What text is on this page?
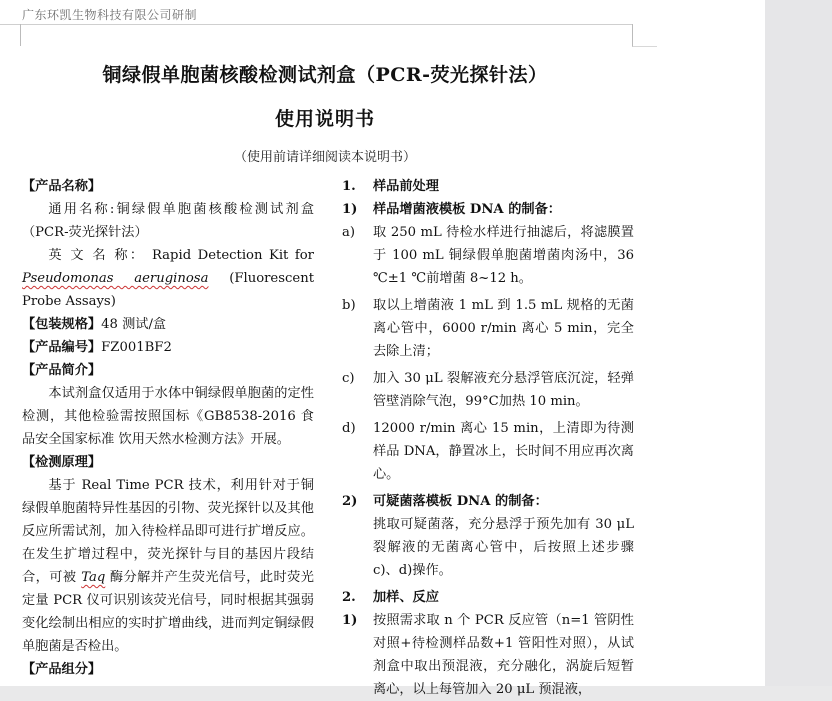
广东环凯生物科技有限公司研制
铜绿假单胞菌核酸检测试剂盒（PCR-荧光探针法）
使用说明书
（使用前请详细阅读本说明书）
【产品名称】
通用名称:铜绿假单胞菌核酸检测试剂盒（PCR-荧光探针法）
英 文 名 称： Rapid Detection Kit for Pseudomonas aeruginosa (Fluorescent Probe Assays)
【包装规格】48 测试/盒
【产品编号】FZ001BF2
【产品简介】
本试剂盒仅适用于水体中铜绿假单胞菌的定性检测，其他检验需按照国标《GB8538-2016 食品安全国家标准 饮用天然水检测方法》开展。
【检测原理】
基于 Real Time PCR 技术，利用针对于铜绿假单胞菌特异性基因的引物、荧光探针以及其他反应所需试剂，加入待检样品即可进行扩增反应。在发生扩增过程中，荧光探针与目的基因片段结合，可被 Taq 酶分解并产生荧光信号，此时荧光定量 PCR 仪可识别该荧光信号，同时根据其强弱变化绘制出相应的实时扩增曲线，进而判定铜绿假单胞菌是否检出。
【产品组分】
1.	样品前处理
1)	样品增菌液模板 DNA 的制备：
a)	取 250 mL 待检水样进行抽滤后，将滤膜置于 100 mL 铜绿假单胞菌增菌肉汤中，36 ℃±1 ℃前增菌 8~12 h。
b)	取以上增菌液 1 mL 到 1.5 mL 规格的无菌离心管中，6000 r/min 离心 5 min，完全去除上清；
c)	加入 30 μL 裂解液充分悬浮管底沉淀，轻弹管壁消除气泡，99°C加热 10 min。
d)	12000 r/min 离心 15 min，上清即为待测样品 DNA，静置冰上，长时间不用应再次离心。
2)	可疑菌落模板 DNA 的制备：
挑取可疑菌落，充分悬浮于预先加有 30 μL 裂解液的无菌离心管中，后按照上述步骤 c)、d)操作。
2.	加样、反应
1)	按照需求取 n 个 PCR 反应管（n=1 管阴性对照+待检测样品数+1 管阳性对照），从试剂盒中取出预混液，充分融化，涡旋后短暂离心，以上每管加入 20 μL 预混液，
